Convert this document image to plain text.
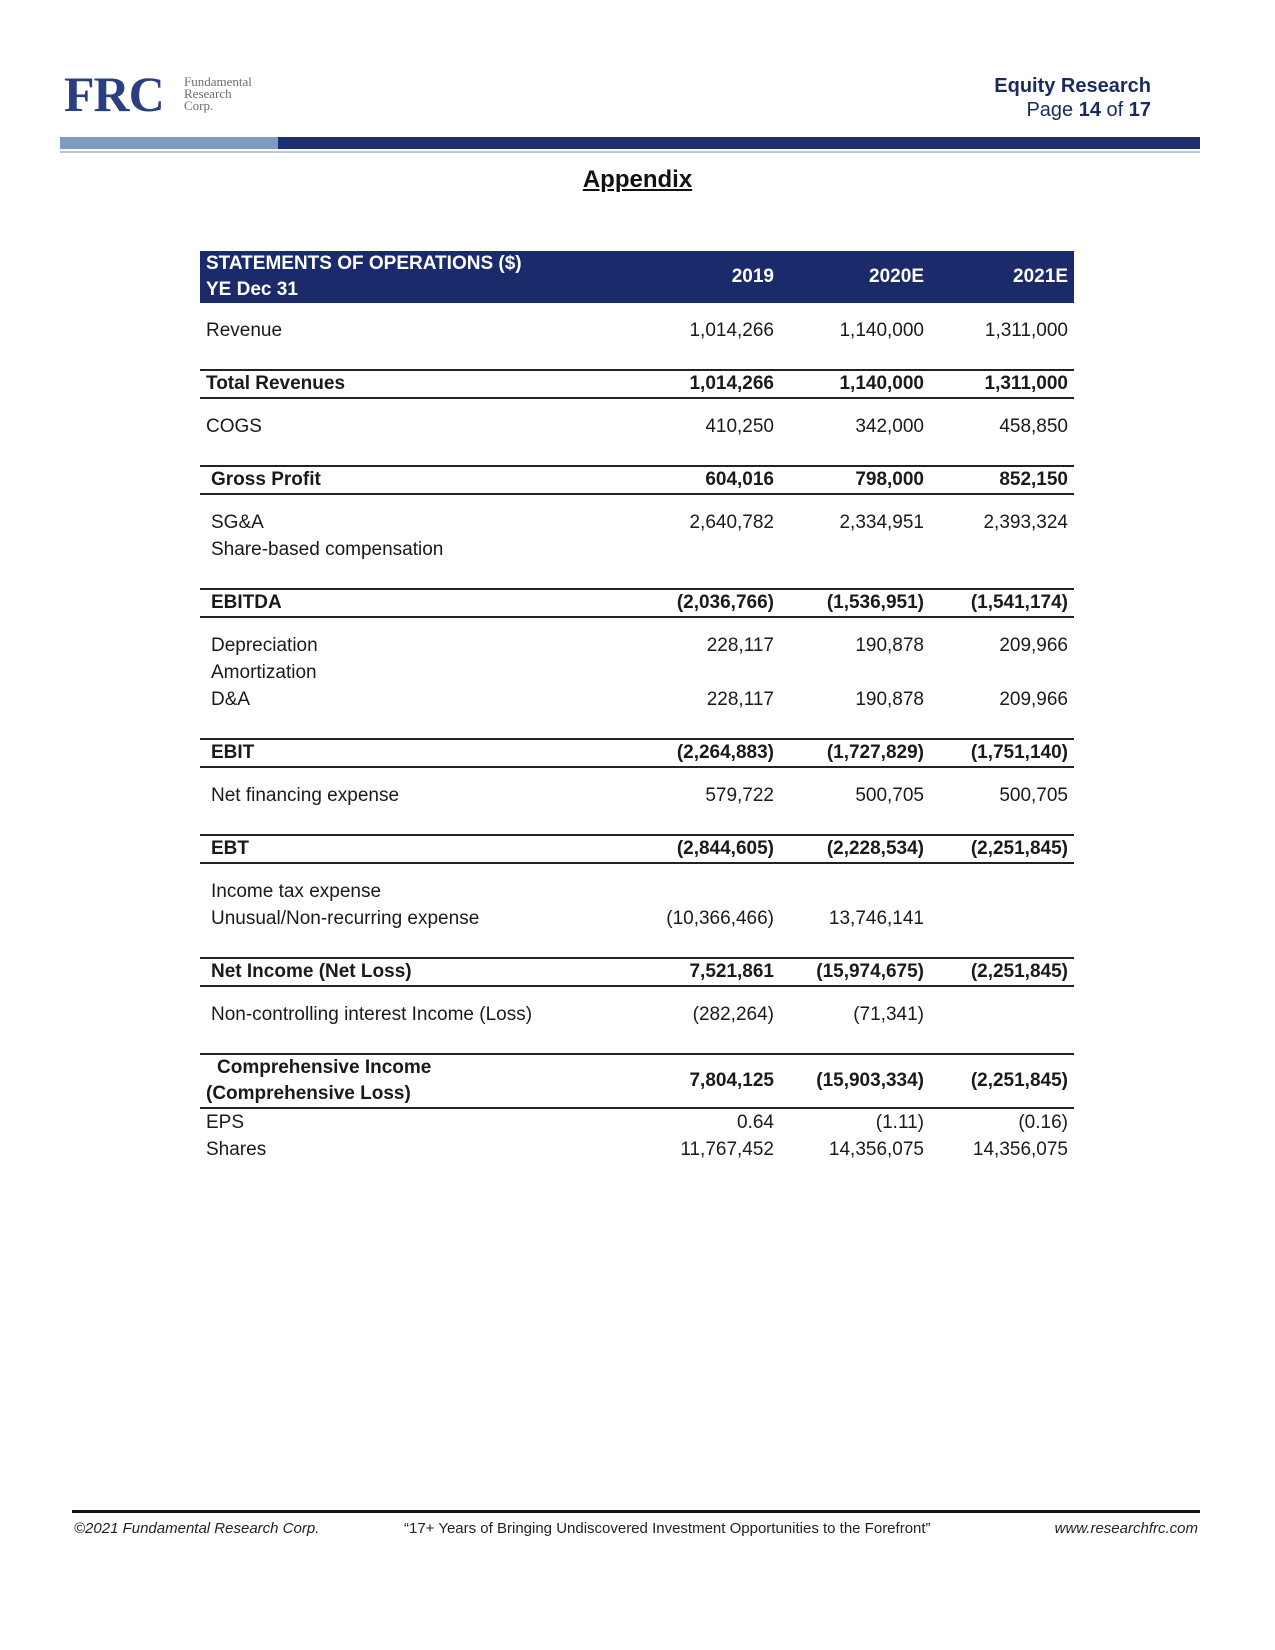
FRC Fundamental
Research
Corp.
Equity Research
Page 14 of 17
Appendix
STATEMENTS OF OPERATIONS ($)
YE Dec 31	2019	2020E	2021E

Revenue	1,014,266	1,140,000	1,311,000

Total Revenues	1,014,266	1,140,000	1,311,000

COGS	410,250	342,000	458,850

Gross Profit	604,016	798,000	852,150

SG&A	2,640,782	2,334,951	2,393,324
Share-based compensation			

EBITDA	(2,036,766)	(1,536,951)	(1,541,174)

Depreciation	228,117	190,878	209,966
Amortization			
D&A	228,117	190,878	209,966

EBIT	(2,264,883)	(1,727,829)	(1,751,140)

Net financing expense	579,722	500,705	500,705

EBT	(2,844,605)	(2,228,534)	(2,251,845)

Income tax expense			
Unusual/Non-recurring expense	(10,366,466)	13,746,141	

Net Income (Net Loss)	7,521,861	(15,974,675)	(2,251,845)

Non-controlling interest Income (Loss)	(282,264)	(71,341)	

Comprehensive Income
(Comprehensive Loss)	7,804,125	(15,903,334)	(2,251,845)
EPS	0.64	(1.11)	(0.16)
Shares	11,767,452	14,356,075	14,356,075
©2021 Fundamental Research Corp.	“17+ Years of Bringing Undiscovered Investment Opportunities to the Forefront”	www.researchfrc.com
